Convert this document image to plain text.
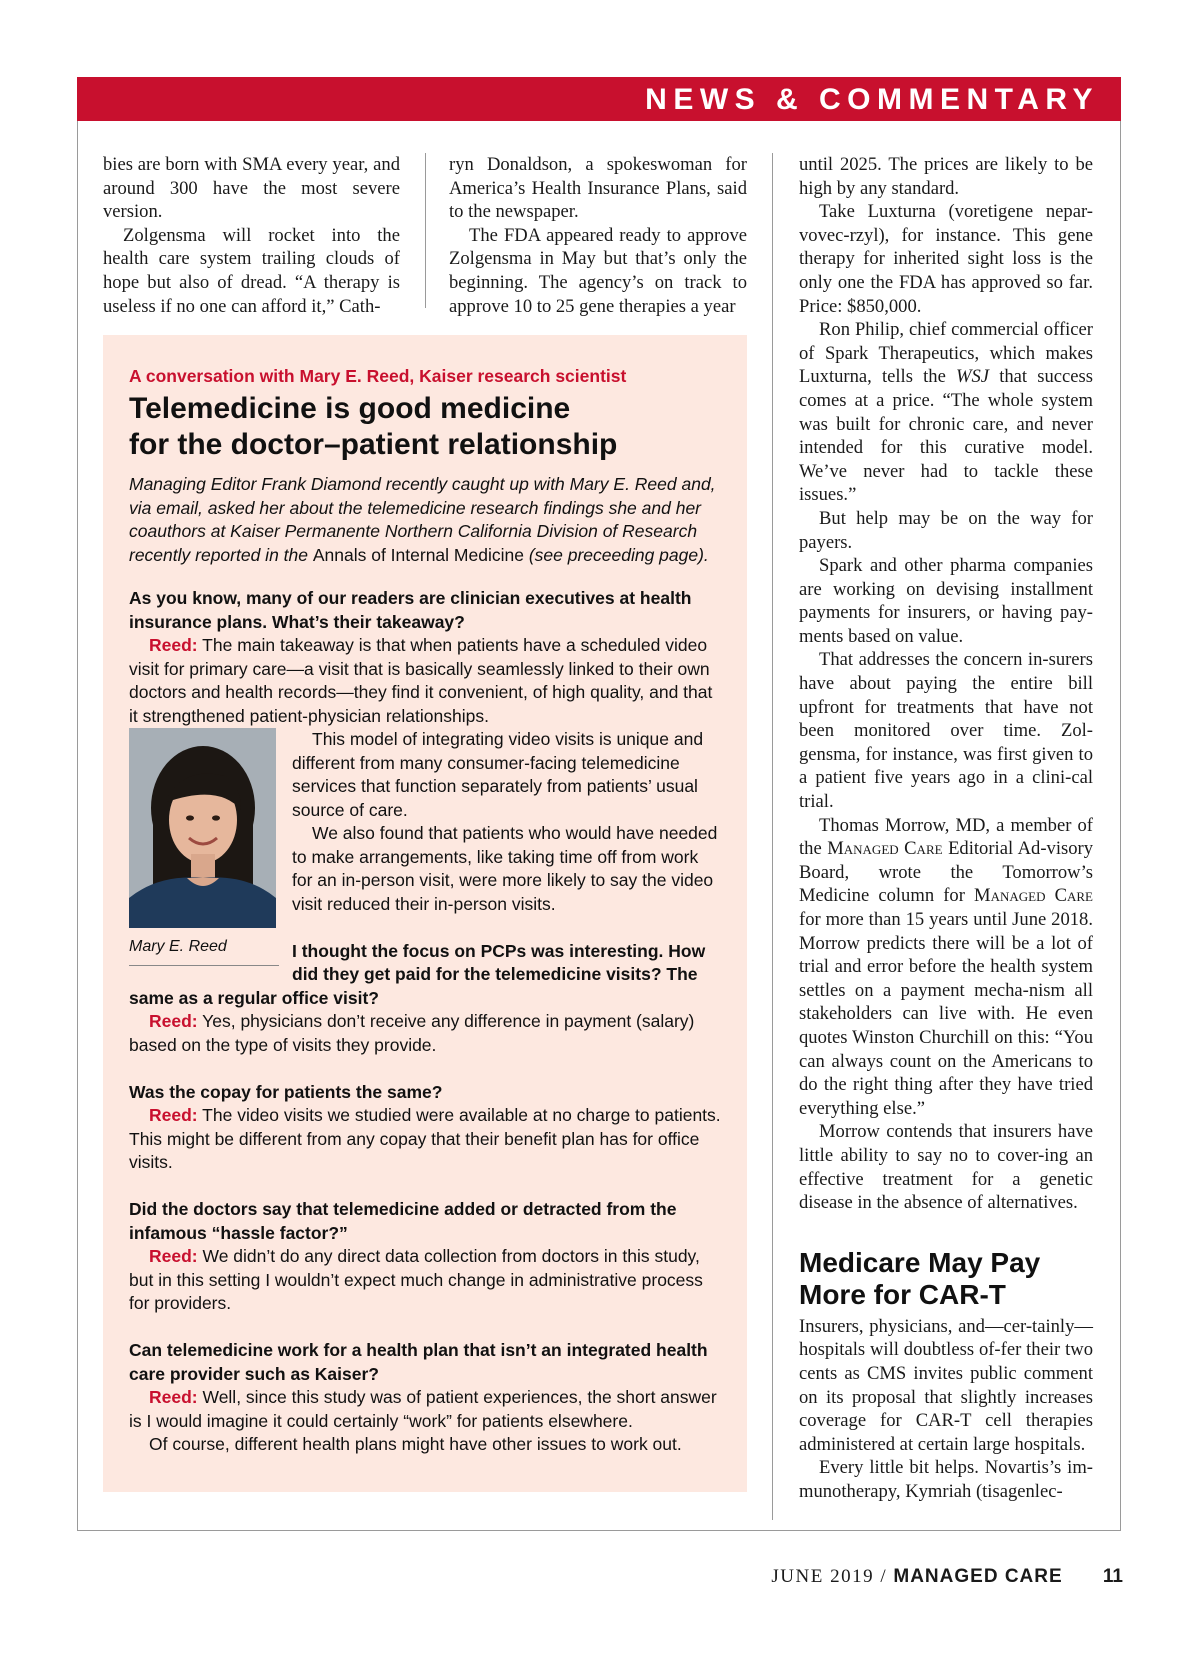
NEWS & COMMENTARY

bies are born with SMA every year, and around 300 have the most severe version.

Zolgensma will rocket into the health care system trailing clouds of hope but also of dread. “A therapy is useless if no one can afford it,” Cath-

ryn Donaldson, a spokeswoman for America’s Health Insurance Plans, said to the newspaper.

The FDA appeared ready to approve Zolgensma in May but that’s only the beginning. The agency’s on track to approve 10 to 25 gene therapies a year

until 2025. The prices are likely to be high by any standard.

Take Luxturna (voretigene nepar-vovec-rzyl), for instance. This gene therapy for inherited sight loss is the only one the FDA has approved so far. Price: $850,000.

Ron Philip, chief commercial officer of Spark Therapeutics, which makes Luxturna, tells the WSJ that success comes at a price. “The whole system was built for chronic care, and never intended for this curative model. We’ve never had to tackle these issues.”

But help may be on the way for payers.

Spark and other pharma companies are working on devising installment payments for insurers, or having pay-ments based on value.

That addresses the concern in-surers have about paying the entire bill upfront for treatments that have not been monitored over time. Zol-gensma, for instance, was first given to a patient five years ago in a clini-cal trial.

Thomas Morrow, MD, a member of the Managed Care Editorial Ad-visory Board, wrote the Tomorrow’s Medicine column for Managed Care for more than 15 years until June 2018. Morrow predicts there will be a lot of trial and error before the health system settles on a payment mecha-nism all stakeholders can live with. He even quotes Winston Churchill on this: “You can always count on the Americans to do the right thing after they have tried everything else.”

Morrow contends that insurers have little ability to say no to cover-ing an effective treatment for a genetic disease in the absence of alternatives.

Medicare May Pay More for CAR-T

Insurers, physicians, and—cer-tainly—hospitals will doubtless of-fer their two cents as CMS invites public comment on its proposal that slightly increases coverage for CAR-T cell therapies administered at certain large hospitals.

Every little bit helps. Novartis’s im-munotherapy, Kymriah (tisagenlec-

A conversation with Mary E. Reed, Kaiser research scientist
Telemedicine is good medicine
for the doctor–patient relationship

Managing Editor Frank Diamond recently caught up with Mary E. Reed and, via email, asked her about the telemedicine research findings she and her coauthors at Kaiser Permanente Northern California Division of Research recently reported in the Annals of Internal Medicine (see preceeding page).

As you know, many of our readers are clinician executives at health insurance plans. What’s their takeaway?

Reed: The main takeaway is that when patients have a scheduled video visit for primary care—a visit that is basically seamlessly linked to their own doctors and health records—they find it convenient, of high quality, and that it strengthened patient-physician relationships.

Mary E. Reed

This model of integrating video visits is unique and different from many consumer-facing telemedicine services that function separately from patients’ usual source of care.

We also found that patients who would have needed to make arrangements, like taking time off from work for an in-person visit, were more likely to say the video visit reduced their in-person visits.

I thought the focus on PCPs was interesting. How did they get paid for the telemedicine visits? The same as a regular office visit?

Reed: Yes, physicians don’t receive any difference in payment (salary) based on the type of visits they provide.

Was the copay for patients the same?

Reed: The video visits we studied were available at no charge to patients. This might be different from any copay that their benefit plan has for office visits.

Did the doctors say that telemedicine added or detracted from the infamous “hassle factor?”

Reed: We didn’t do any direct data collection from doctors in this study, but in this setting I wouldn’t expect much change in administrative process for providers.

Can telemedicine work for a health plan that isn’t an integrated health care provider such as Kaiser?

Reed: Well, since this study was of patient experiences, the short answer is I would imagine it could certainly “work” for patients elsewhere.

Of course, different health plans might have other issues to work out.

JUNE 2019 / MANAGED CARE 11
